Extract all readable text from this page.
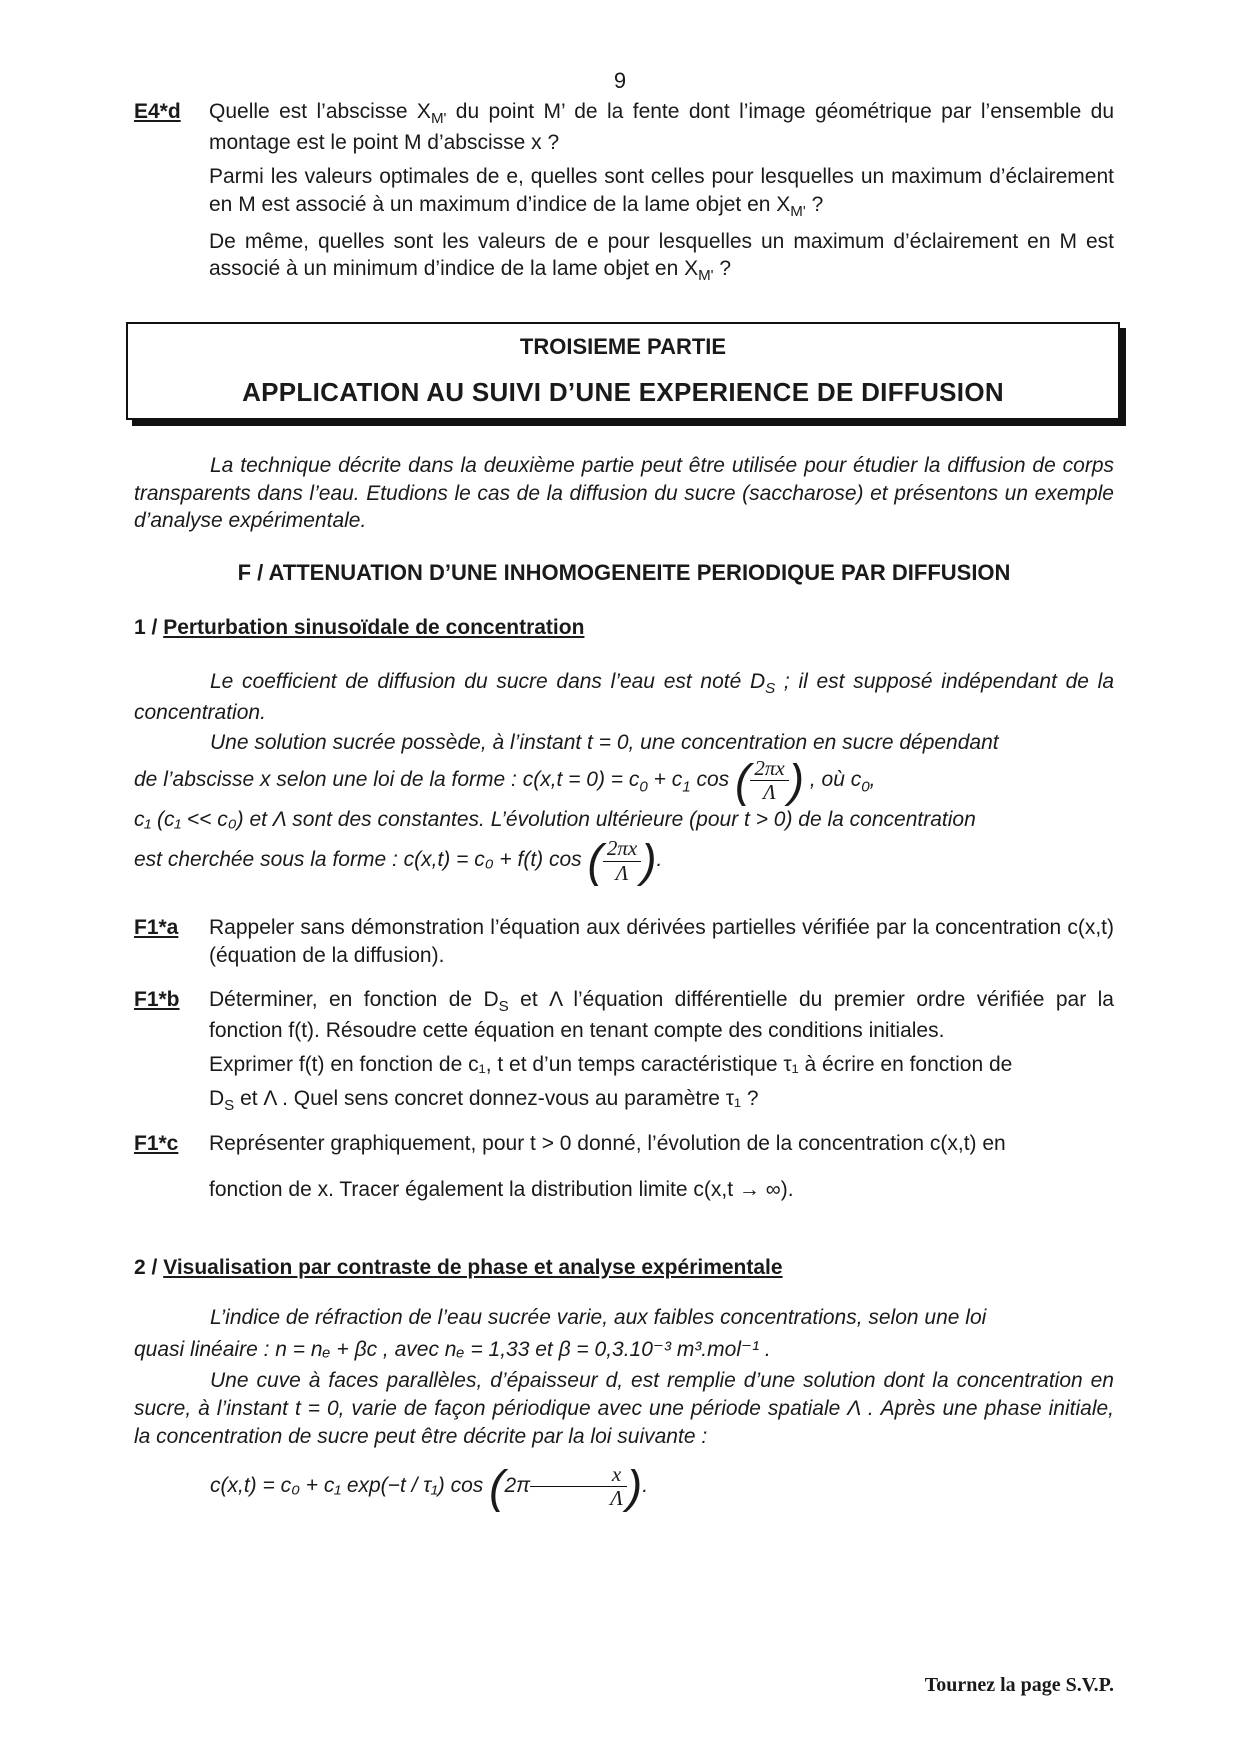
9
E4*d Quelle est l’abscisse $X_{M'}$ du point M’ de la fente dont l’image géométrique par l’ensemble du montage est le point M d’abscisse x ?

Parmi les valeurs optimales de e, quelles sont celles pour lesquelles un maximum d’éclairement en M est associé à un maximum d’indice de la lame objet en $X_{M'}$ ?

De même, quelles sont les valeurs de e pour lesquelles un maximum d’éclairement en M est associé à un minimum d’indice de la lame objet en $X_{M'}$ ?

TROISIEME PARTIE
APPLICATION AU SUIVI D’UNE EXPERIENCE DE DIFFUSION

La technique décrite dans la deuxième partie peut être utilisée pour étudier la diffusion de corps transparents dans l’eau. Etudions le cas de la diffusion du sucre (saccharose) et présentons un exemple d’analyse expérimentale.

F / ATTENUATION D’UNE INHOMOGENEITE PERIODIQUE PAR DIFFUSION
1 / Perturbation sinusoïdale de concentration

Le coefficient de diffusion du sucre dans l’eau est noté $D_S$ ; il est supposé indépendant de la concentration.

Une solution sucrée possède, à l’instant t = 0, une concentration en sucre dépendant

de l’abscisse x selon une loi de la forme : $c(x,t = 0) = c_0 + c_1$ cos ( $\frac{2\pi x}{\Lambda}$ ) , où $c_0$,

c₁ (c₁ << c₀) et Λ sont des constantes. L’évolution ultérieure (pour t > 0) de la concentration

est cherchée sous la forme : c(x,t) = c₀ + f(t) cos ( $\frac{2\pi x}{\Lambda}$ ).

F1*a Rappeler sans démonstration l’équation aux dérivées partielles vérifiée par la concentration c(x,t) (équation de la diffusion).

F1*b Déterminer, en fonction de $D_S$ et Λ l’équation différentielle du premier ordre vérifiée par la fonction f(t). Résoudre cette équation en tenant compte des conditions initiales.

Exprimer f(t) en fonction de c₁, t et d’un temps caractéristique τ₁ à écrire en fonction de

$D_S$ et Λ . Quel sens concret donnez-vous au paramètre τ₁ ?

F1*c Représenter graphiquement, pour t > 0 donné, l’évolution de la concentration c(x,t) en

fonction de x. Tracer également la distribution limite c(x,t → ∞).

2 / Visualisation par contraste de phase et analyse expérimentale

L’indice de réfraction de l’eau sucrée varie, aux faibles concentrations, selon une loi

quasi linéaire : n = nₑ + βc , avec nₑ = 1,33 et β = 0,3.10⁻³ m³.mol⁻¹ .

Une cuve à faces parallèles, d’épaisseur d, est remplie d’une solution dont la concentration en sucre, à l’instant t = 0, varie de façon périodique avec une période spatiale Λ . Après une phase initiale, la concentration de sucre peut être décrite par la loi suivante :

c(x,t) = c₀ + c₁ exp(−t / τ₁) $\cos (2\pi \frac{x}{\Lambda}$ ).

Tournez la page S.V.P.
